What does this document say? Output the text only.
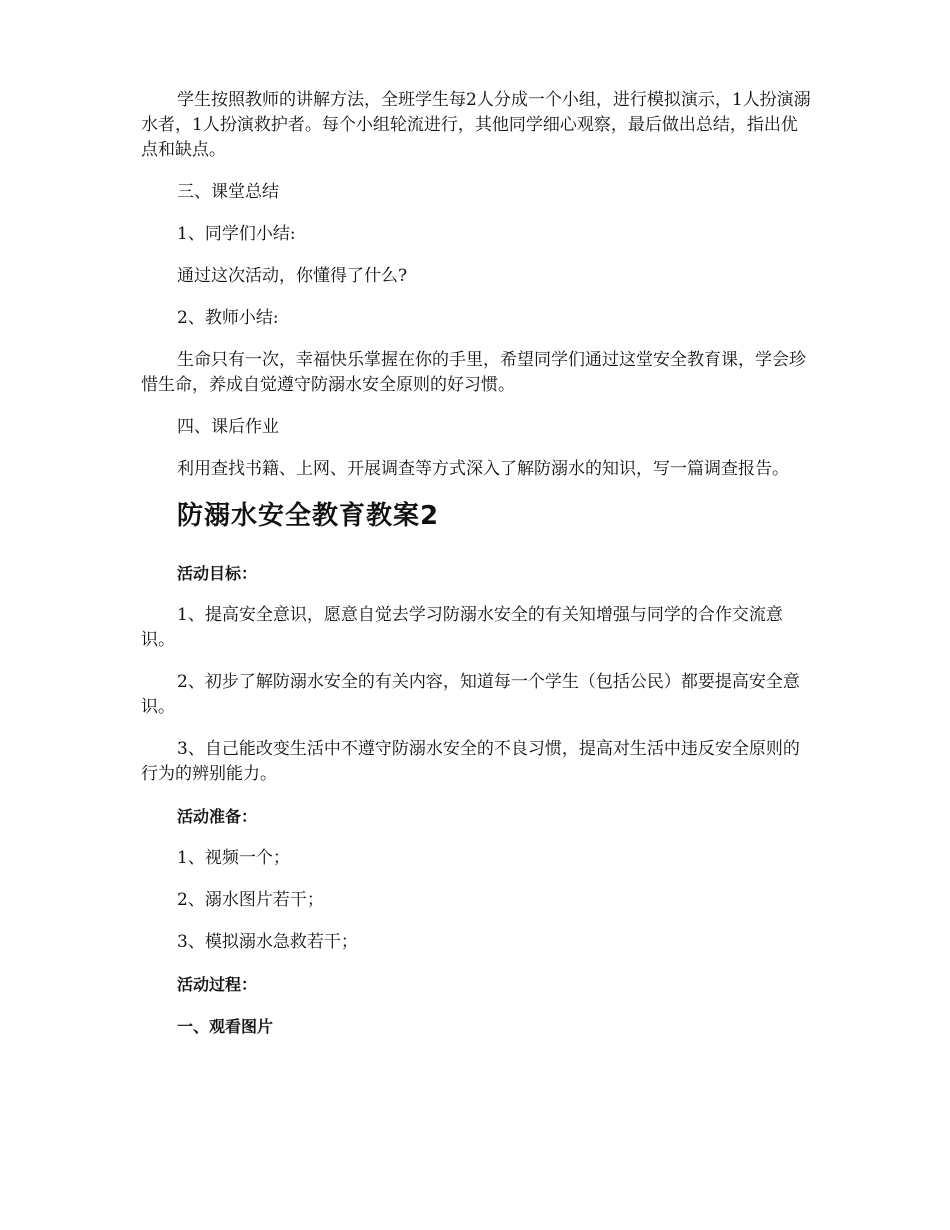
学生按照教师的讲解方法，全班学生每2人分成一个小组，进行模拟演示，1人扮演溺水者，1人扮演救护者。每个小组轮流进行，其他同学细心观察，最后做出总结，指出优点和缺点。

三、课堂总结

1、同学们小结:

通过这次活动，你懂得了什么?

2、教师小结:

生命只有一次，幸福快乐掌握在你的手里，希望同学们通过这堂安全教育课，学会珍惜生命，养成自觉遵守防溺水安全原则的好习惯。

四、课后作业

利用查找书籍、上网、开展调查等方式深入了解防溺水的知识，写一篇调查报告。

防溺水安全教育教案2

活动目标：

1、提高安全意识，愿意自觉去学习防溺水安全的有关知增强与同学的合作交流意识。

2、初步了解防溺水安全的有关内容，知道每一个学生（包括公民）都要提高安全意识。

3、自己能改变生活中不遵守防溺水安全的不良习惯，提高对生活中违反安全原则的行为的辨别能力。

活动准备：

1、视频一个；

2、溺水图片若干；

3、模拟溺水急救若干；

活动过程：

一、观看图片
